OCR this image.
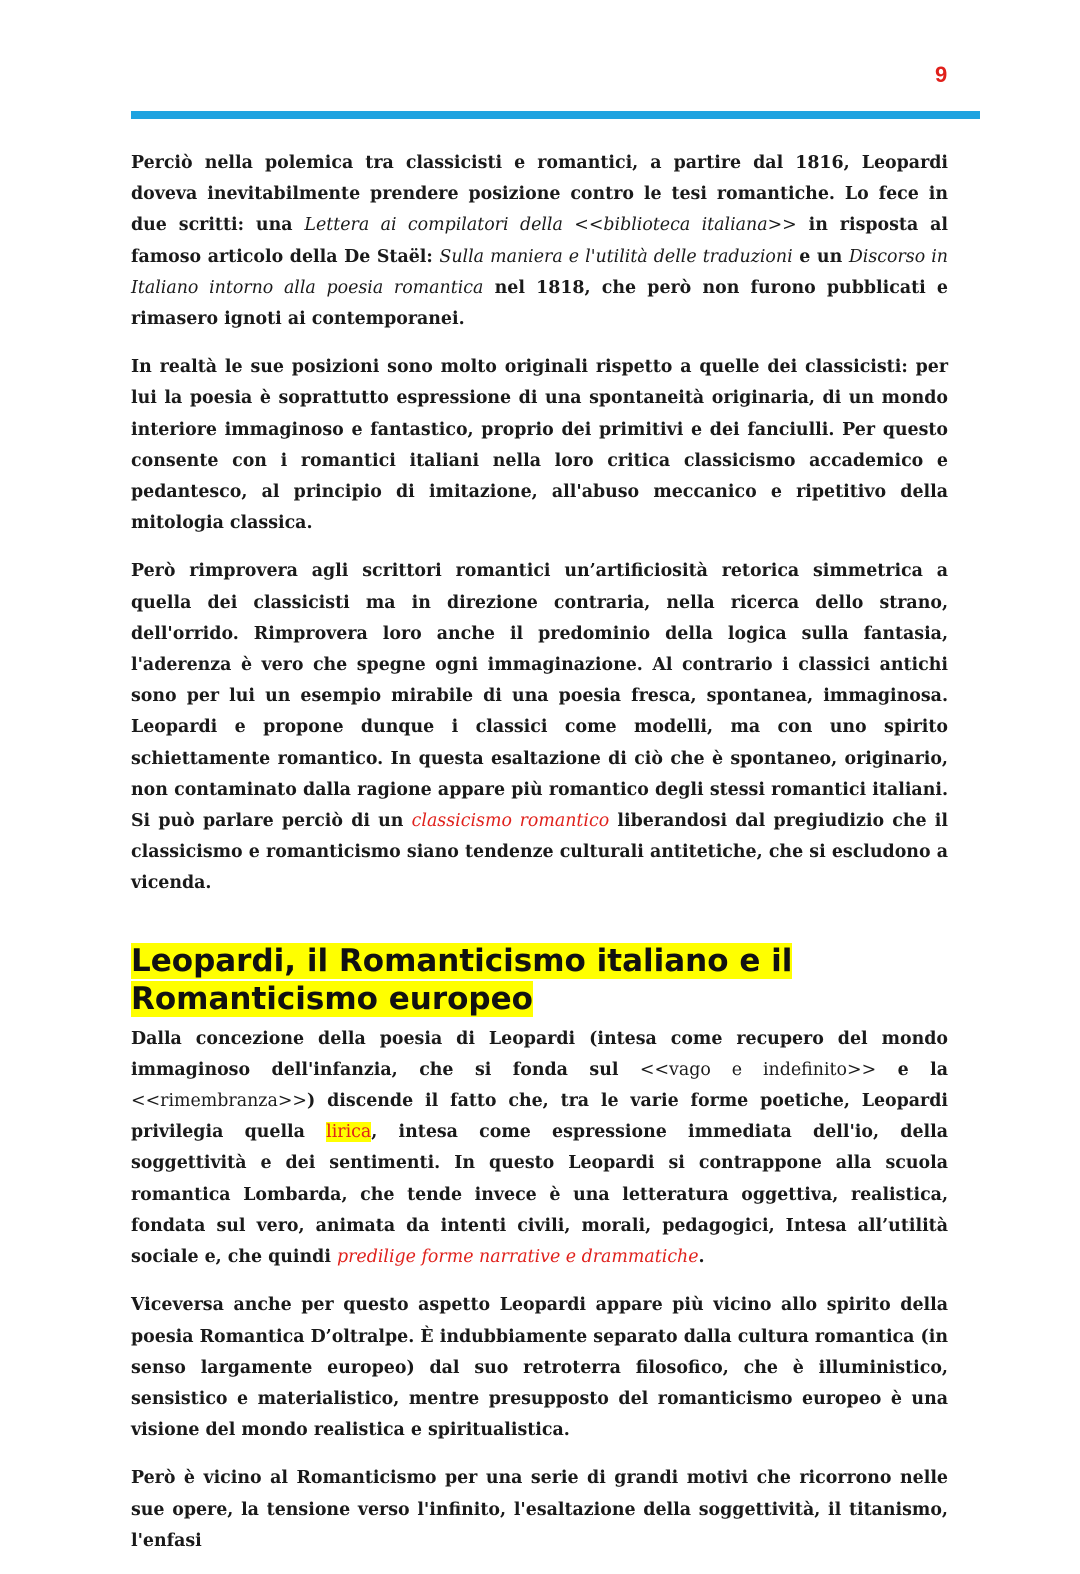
9

Perciò nella polemica tra classicisti e romantici, a partire dal 1816, Leopardi doveva inevitabilmente prendere posizione contro le tesi romantiche. Lo fece in due scritti: una Lettera ai compilatori della <<biblioteca italiana>> in risposta al famoso articolo della De Staël: Sulla maniera e l'utilità delle traduzioni e un Discorso in Italiano intorno alla poesia romantica nel 1818, che però non furono pubblicati e rimasero ignoti ai contemporanei.

In realtà le sue posizioni sono molto originali rispetto a quelle dei classicisti: per lui la poesia è soprattutto espressione di una spontaneità originaria, di un mondo interiore immaginoso e fantastico, proprio dei primitivi e dei fanciulli. Per questo consente con i romantici italiani nella loro critica classicismo accademico e pedantesco, al principio di imitazione, all'abuso meccanico e ripetitivo della mitologia classica.

Però rimprovera agli scrittori romantici un’artificiosità retorica simmetrica a quella dei classicisti ma in direzione contraria, nella ricerca dello strano, dell'orrido. Rimprovera loro anche il predominio della logica sulla fantasia, l'aderenza è vero che spegne ogni immaginazione. Al contrario i classici antichi sono per lui un esempio mirabile di una poesia fresca, spontanea, immaginosa. Leopardi e propone dunque i classici come modelli, ma con uno spirito schiettamente romantico. In questa esaltazione di ciò che è spontaneo, originario, non contaminato dalla ragione appare più romantico degli stessi romantici italiani. Si può parlare perciò di un classicismo romantico liberandosi dal pregiudizio che il classicismo e romanticismo siano tendenze culturali antitetiche, che si escludono a vicenda.

Leopardi, il Romanticismo italiano e il
Romanticismo europeo

Dalla concezione della poesia di Leopardi (intesa come recupero del mondo immaginoso dell'infanzia, che si fonda sul <<vago e indefinito>> e la <<rimembranza>>) discende il fatto che, tra le varie forme poetiche, Leopardi privilegia quella lirica, intesa come espressione immediata dell'io, della soggettività e dei sentimenti. In questo Leopardi si contrappone alla scuola romantica Lombarda, che tende invece è una letteratura oggettiva, realistica, fondata sul vero, animata da intenti civili, morali, pedagogici, Intesa all’utilità sociale e, che quindi predilige forme narrative e drammatiche.

Viceversa anche per questo aspetto Leopardi appare più vicino allo spirito della poesia Romantica D’oltralpe. È indubbiamente separato dalla cultura romantica (in senso largamente europeo) dal suo retroterra filosofico, che è illuministico, sensistico e materialistico, mentre presupposto del romanticismo europeo è una visione del mondo realistica e spiritualistica.

Però è vicino al Romanticismo per una serie di grandi motivi che ricorrono nelle sue opere, la tensione verso l'infinito, l'esaltazione della soggettività, il titanismo, l'enfasi
